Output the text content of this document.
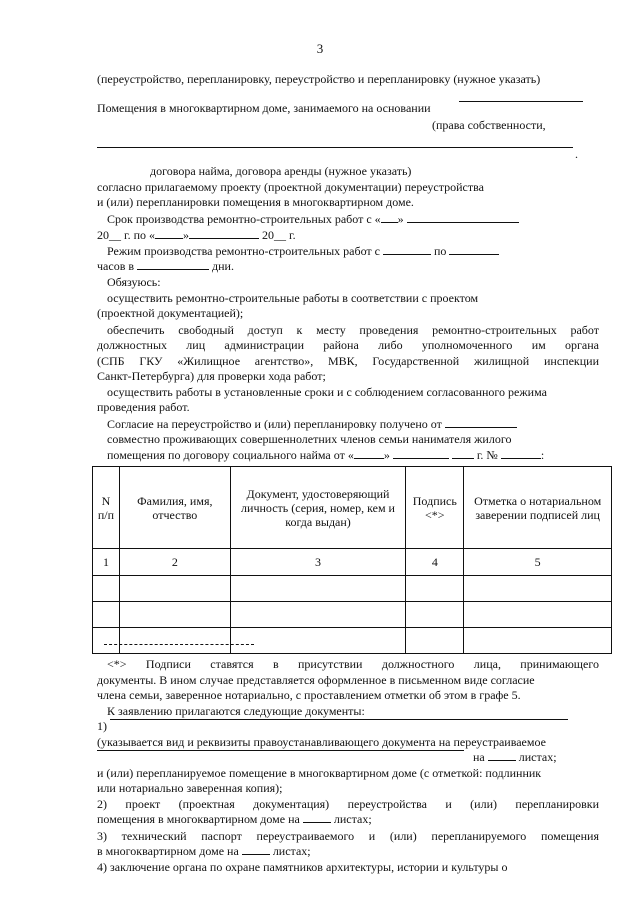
3
(переустройство, перепланировку, переустройство и перепланировку (нужное указать)
Помещения в многоквартирном доме, занимаемого на основании
(права собственности,
.
договора найма, договора аренды (нужное указать)
согласно прилагаемому проекту (проектной документации) переустройства
и (или) перепланировки помещения в многоквартирном доме.
Срок производства ремонтно-строительных работ с « »
20__ г. по « »	20__ г.
Режим производства ремонтно-строительных работ с	по
часов в	дни.
Обязуюсь:
осуществить ремонтно-строительные работы в соответствии с проектом
(проектной документацией);
обеспечить свободный доступ к месту проведения ремонтно-строительных работ
должностных лиц администрации района либо уполномоченного им органа
(СПБ ГКУ «Жилищное агентство», МВК, Государственной жилищной инспекции
Санкт-Петербурга) для проверки хода работ;
осуществить работы в установленные сроки и с соблюдением согласованного режима
проведения работ.
Согласие на переустройство и (или) перепланировку получено от
совместно проживающих совершеннолетних членов семьи нанимателя жилого
помещения по договору социального найма от «	»	г. №	:
N п/п	Фамилия, имя, отчество	Документ, удостоверяющий личность (серия, номер, кем и когда выдан)	Подпись <*>	Отметка о нотариальном заверении подписей лиц
1	2	3	4	5

<*> Подписи ставятся в присутствии должностного лица, принимающего
документы. В ином случае представляется оформленное в письменном виде согласие
члена семьи, заверенное нотариально, с проставлением отметки об этом в графе 5.
К заявлению прилагаются следующие документы:
1)
(указывается вид и реквизиты правоустанавливающего документа на переустраиваемое
на	листах;
и (или) перепланируемое помещение в многоквартирном доме (с отметкой: подлинник
или нотариально заверенная копия);
2) проект (проектная документация) переустройства и (или) перепланировки
помещения в многоквартирном доме на	листах;
3) технический паспорт переустраиваемого и (или) перепланируемого помещения
в многоквартирном доме на	листах;
4) заключение органа по охране памятников архитектуры, истории и культуры о
